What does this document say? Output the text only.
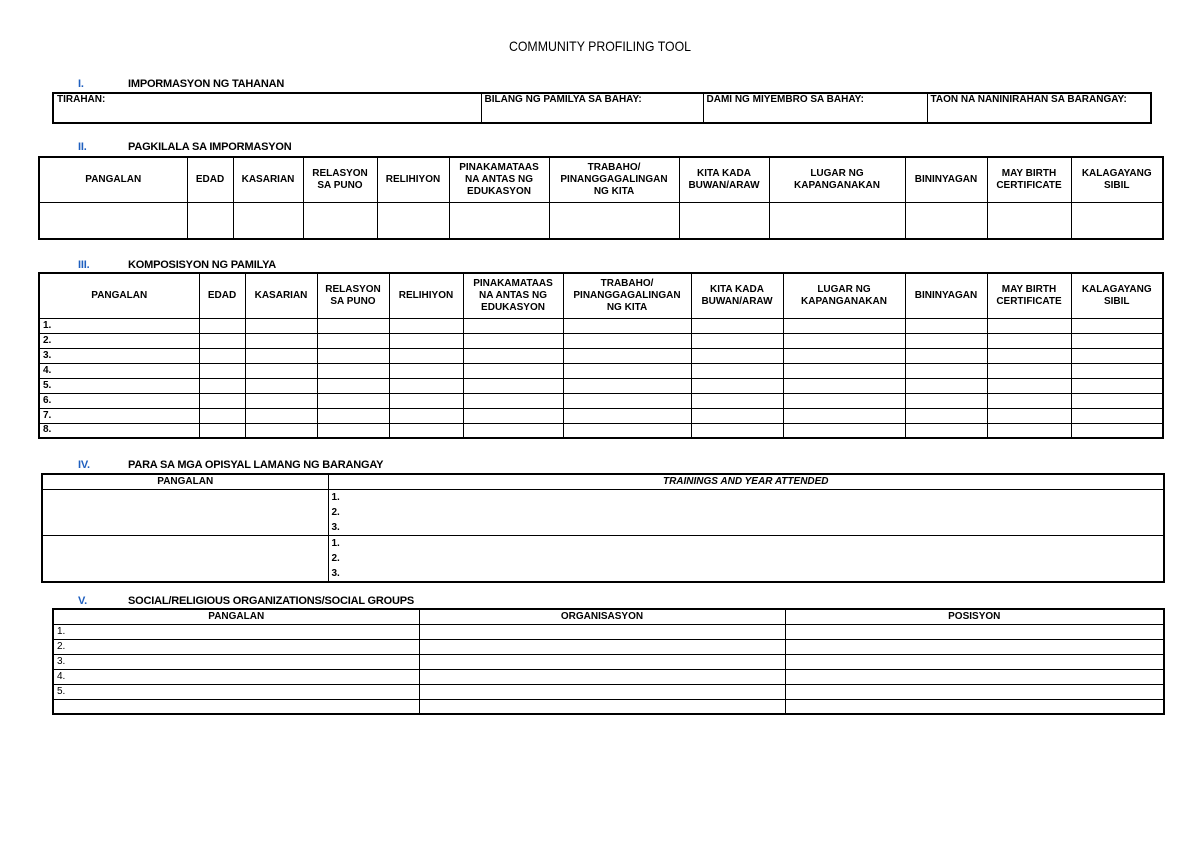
COMMUNITY PROFILING TOOL
I.	IMPORMASYON NG TAHANAN
TIRAHAN:	BILANG NG PAMILYA SA BAHAY:	DAMI NG MIYEMBRO SA BAHAY:	TAON NA NANINIRAHAN SA BARANGAY:
II.	PAGKILALA SA IMPORMASYON
PANGALAN	EDAD	KASARIAN	RELASYON SA PUNO	RELIHIYON	PINAKAMATAAS NA ANTAS NG EDUKASYON	TRABAHO/ PINANGGAGALINGAN NG KITA	KITA KADA BUWAN/ARAW	LUGAR NG KAPANGANAKAN	BININYAGAN	MAY BIRTH CERTIFICATE	KALAGAYANG SIBIL

III.	KOMPOSISYON NG PAMILYA
PANGALAN	EDAD	KASARIAN	RELASYON SA PUNO	RELIHIYON	PINAKAMATAAS NA ANTAS NG EDUKASYON	TRABAHO/ PINANGGAGALINGAN NG KITA	KITA KADA BUWAN/ARAW	LUGAR NG KAPANGANAKAN	BININYAGAN	MAY BIRTH CERTIFICATE	KALAGAYANG SIBIL
1.											
2.											
3.											
4.											
5.											
6.											
7.											
8.											
IV.	PARA SA MGA OPISYAL LAMANG NG BARANGAY
PANGALAN	TRAININGS AND YEAR ATTENDED

	1.
2.
3.

	1.
2.
3.
V.	SOCIAL/RELIGIOUS ORGANIZATIONS/SOCIAL GROUPS
PANGALAN	ORGANISASYON	POSISYON
1.		
2.		
3.		
4.		
5.		
